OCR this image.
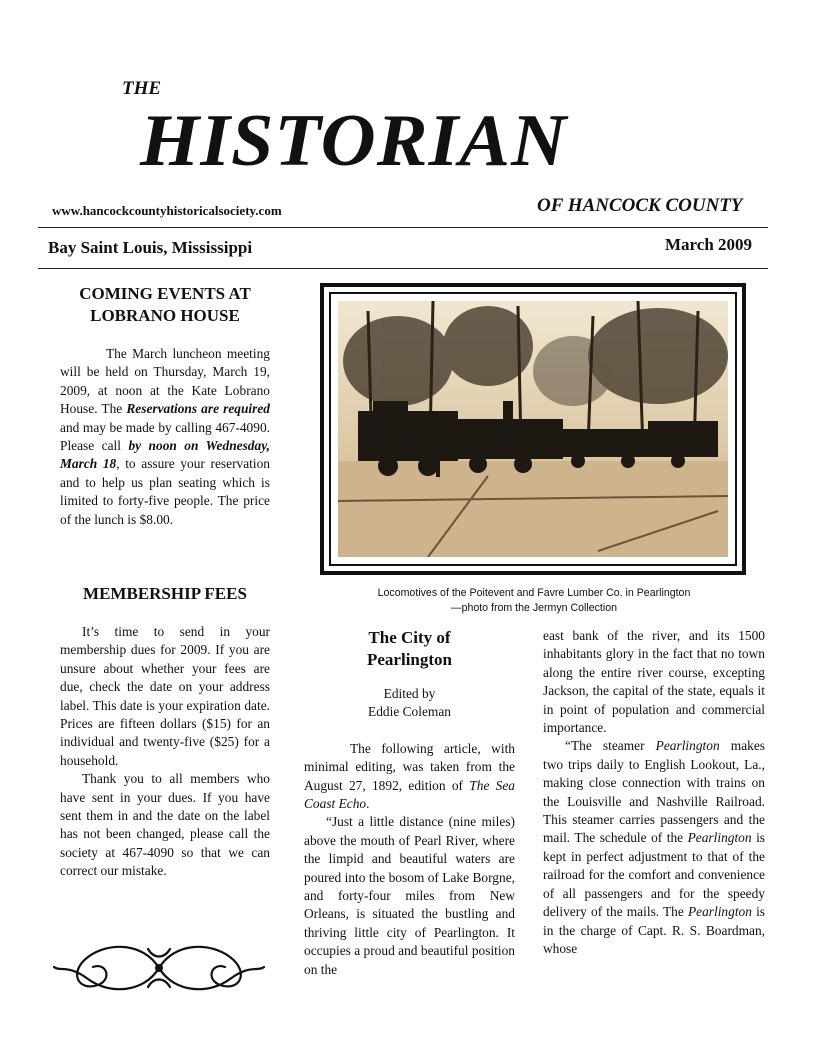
THE
HISTORIAN
www.hancockcountyhistoricalsociety.com	OF HANCOCK COUNTY
Bay Saint Louis, Mississippi	March 2009
COMING EVENTS AT
LOBRANO HOUSE

The March luncheon meeting will be held on Thursday, March 19, 2009, at noon at the Kate Lobrano House. The Reservations are required and may be made by calling 467-4090. Please call by noon on Wednesday, March 18, to assure your reservation and to help us plan seating which is limited to forty-five people. The price of the lunch is $8.00.

MEMBERSHIP FEES

It’s time to send in your membership dues for 2009. If you are unsure about whether your fees are due, check the date on your address label. This date is your expiration date. Prices are fifteen dollars ($15) for an individual and twenty-five ($25) for a household.

Thank you to all members who have sent in your dues. If you have sent them in and the date on the label has not been changed, please call the society at 467-4090 so that we can correct our mistake.

Locomotives of the Poitevent and Favre Lumber Co. in Pearlington
—photo from the Jermyn Collection
The City of
Pearlington
Edited by
Eddie Coleman

The following article, with minimal editing, was taken from the August 27, 1892, edition of The Sea Coast Echo.

“Just a little distance (nine miles) above the mouth of Pearl River, where the limpid and beautiful waters are poured into the bosom of Lake Borgne, and forty-four miles from New Orleans, is situated the bustling and thriving little city of Pearlington. It occupies a proud and beautiful position on the

east bank of the river, and its 1500 inhabitants glory in the fact that no town along the entire river course, excepting Jackson, the capital of the state, equals it in point of population and commercial importance.

“The steamer Pearlington makes two trips daily to English Lookout, La., making close connection with trains on the Louisville and Nashville Railroad. This steamer carries passengers and the mail. The schedule of the Pearlington is kept in perfect adjustment to that of the railroad for the comfort and convenience of all passengers and for the speedy delivery of the mails. The Pearlington is in the charge of Capt. R. S. Boardman, whose
